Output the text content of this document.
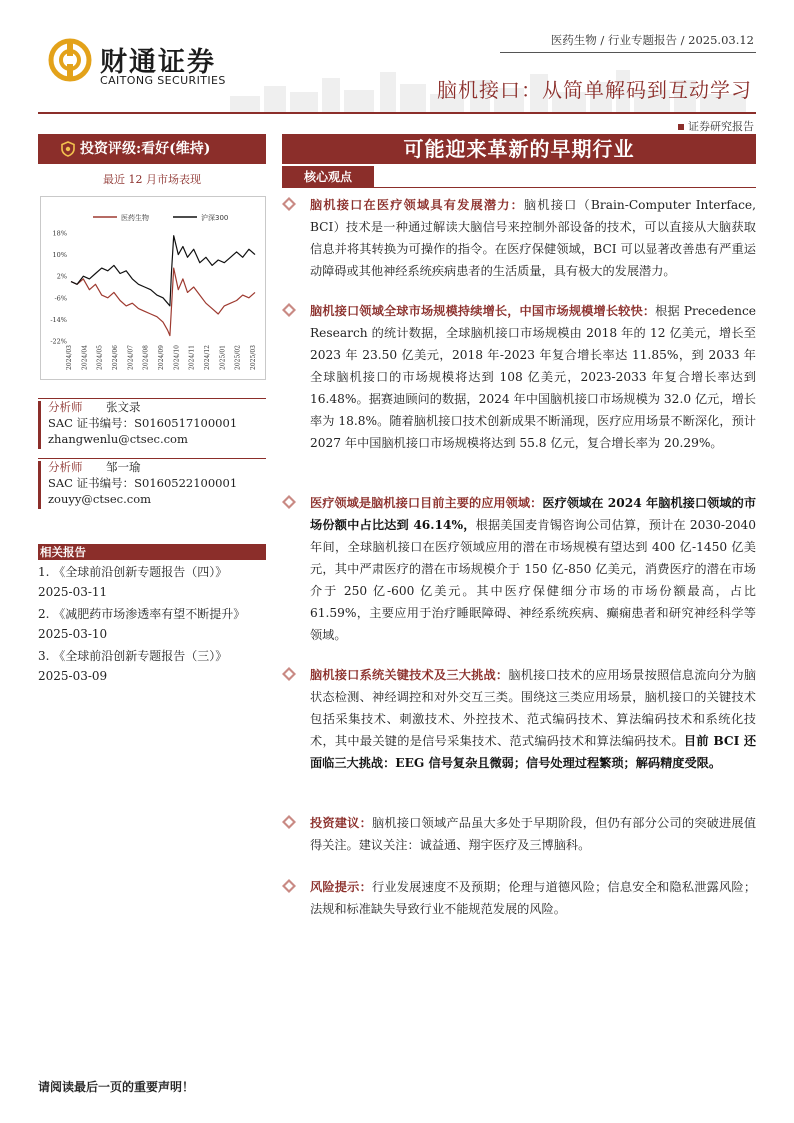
财通证券
CAITONG SECURITIES
医药生物 / 行业专题报告 / 2025.03.12
脑机接口：从简单解码到互动学习
证券研究报告
投资评级:看好(维持)
最近 12 月市场表现
医药生物	沪深300
18%
10%
2%
-6%
-14%
-22%
2024/03 2024/04 2024/05 2024/06 2024/07 2024/08 2024/09 2024/10 2024/11 2024/12 2025/01 2025/02 2025/03
分析师 张文录
SAC 证书编号：S0160517100001
zhangwenlu@ctsec.com
分析师 邹一瑜
SAC 证书编号：S0160522100001
zouyy@ctsec.com
相关报告
1. 《全球前沿创新专题报告（四）》
2025-03-11
2. 《减肥药市场渗透率有望不断提升》
2025-03-10
3. 《全球前沿创新专题报告（三）》
2025-03-09
可能迎来革新的早期行业
核心观点
脑机接口在医疗领域具有发展潜力：脑机接口（Brain-Computer Interface, BCI）技术是一种通过解读大脑信号来控制外部设备的技术，可以直接从大脑获取信息并将其转换为可操作的指令。在医疗保健领域，BCI 可以显著改善患有严重运动障碍或其他神经系统疾病患者的生活质量，具有极大的发展潜力。
脑机接口领域全球市场规模持续增长，中国市场规模增长较快：根据 Precedence Research 的统计数据，全球脑机接口市场规模由 2018 年的 12 亿美元，增长至 2023 年 23.50 亿美元，2018 年-2023 年复合增长率达 11.85%，到 2033 年全球脑机接口的市场规模将达到 108 亿美元，2023-2033 年复合增长率达到 16.48%。据赛迪顾问的数据，2024 年中国脑机接口市场规模为 32.0 亿元，增长率为 18.8%。随着脑机接口技术创新成果不断涌现，医疗应用场景不断深化，预计 2027 年中国脑机接口市场规模将达到 55.8 亿元，复合增长率为 20.29%。
医疗领域是脑机接口目前主要的应用领域：医疗领域在 2024 年脑机接口领域的市场份额中占比达到 46.14%，根据美国麦肯锡咨询公司估算，预计在 2030-2040 年间，全球脑机接口在医疗领域应用的潜在市场规模有望达到 400 亿-1450 亿美元，其中严肃医疗的潜在市场规模介于 150 亿-850 亿美元，消费医疗的潜在市场介于 250 亿-600 亿美元。其中医疗保健细分市场的市场份额最高，占比 61.59%，主要应用于治疗睡眠障碍、神经系统疾病、癫痫患者和研究神经科学等领域。
脑机接口系统关键技术及三大挑战：脑机接口技术的应用场景按照信息流向分为脑状态检测、神经调控和对外交互三类。围绕这三类应用场景，脑机接口的关键技术包括采集技术、刺激技术、外控技术、范式编码技术、算法编码技术和系统化技术，其中最关键的是信号采集技术、范式编码技术和算法编码技术。目前 BCI 还面临三大挑战：EEG 信号复杂且微弱；信号处理过程繁琐；解码精度受限。
投资建议：脑机接口领域产品虽大多处于早期阶段，但仍有部分公司的突破进展值得关注。建议关注：诚益通、翔宇医疗及三博脑科。
风险提示：行业发展速度不及预期；伦理与道德风险；信息安全和隐私泄露风险；法规和标准缺失导致行业不能规范发展的风险。
请阅读最后一页的重要声明！
